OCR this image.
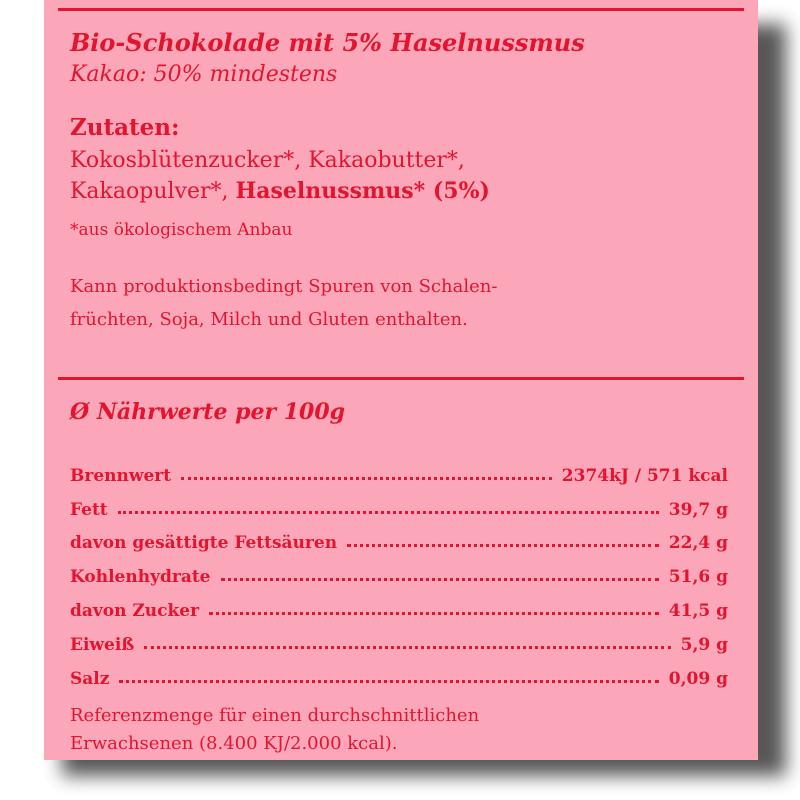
Bio-Schokolade mit 5% Haselnussmus
Kakao: 50% mindestens
Zutaten:
Kokosblütenzucker*, Kakaobutter*,
Kakaopulver*, Haselnussmus* (5%)
*aus ökologischem Anbau
Kann produktionsbedingt Spuren von Schalen-
früchten, Soja, Milch und Gluten enthalten.
Ø Nährwerte per 100g
Brennwert	2374kJ / 571 kcal
Fett	39,7 g
davon gesättigte Fettsäuren	22,4 g
Kohlenhydrate	51,6 g
davon Zucker	41,5 g
Eiweiß	5,9 g
Salz	0,09 g
Referenzmenge für einen durchschnittlichen
Erwachsenen (8.400 KJ/2.000 kcal).
